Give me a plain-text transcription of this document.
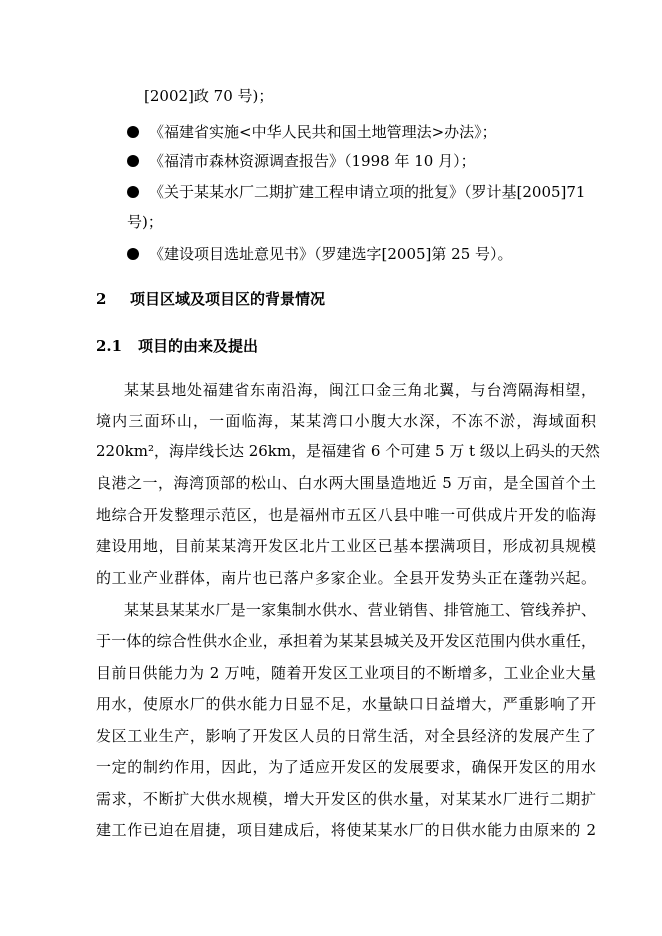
[2002]政 70 号)；
《福建省实施<中华人民共和国土地管理法>办法》；
《福清市森林资源调查报告》（1998 年 10 月）；
《关于某某水厂二期扩建工程申请立项的批复》（罗计基[2005]71
号)；
《建设项目选址意见书》（罗建选字[2005]第 25 号）。
2 项目区域及项目区的背景情况
2.1 项目的由来及提出
某某县地处福建省东南沿海，闽江口金三角北翼，与台湾隔海相望，
境内三面环山，一面临海，某某湾口小腹大水深，不冻不淤，海域面积
220km²，海岸线长达 26km，是福建省 6 个可建 5 万 t 级以上码头的天然
良港之一，海湾顶部的松山、白水两大围垦造地近 5 万亩，是全国首个土
地综合开发整理示范区，也是福州市五区八县中唯一可供成片开发的临海
建设用地，目前某某湾开发区北片工业区已基本摆满项目，形成初具规模
的工业产业群体，南片也已落户多家企业。全县开发势头正在蓬勃兴起。
某某县某某水厂是一家集制水供水、营业销售、排管施工、管线养护、
于一体的综合性供水企业，承担着为某某县城关及开发区范围内供水重任，
目前日供能力为 2 万吨，随着开发区工业项目的不断增多，工业企业大量
用水，使原水厂的供水能力日显不足，水量缺口日益增大，严重影响了开
发区工业生产，影响了开发区人员的日常生活，对全县经济的发展产生了
一定的制约作用，因此，为了适应开发区的发展要求，确保开发区的用水
需求，不断扩大供水规模，增大开发区的供水量，对某某水厂进行二期扩
建工作已迫在眉捷，项目建成后，将使某某水厂的日供水能力由原来的 2
